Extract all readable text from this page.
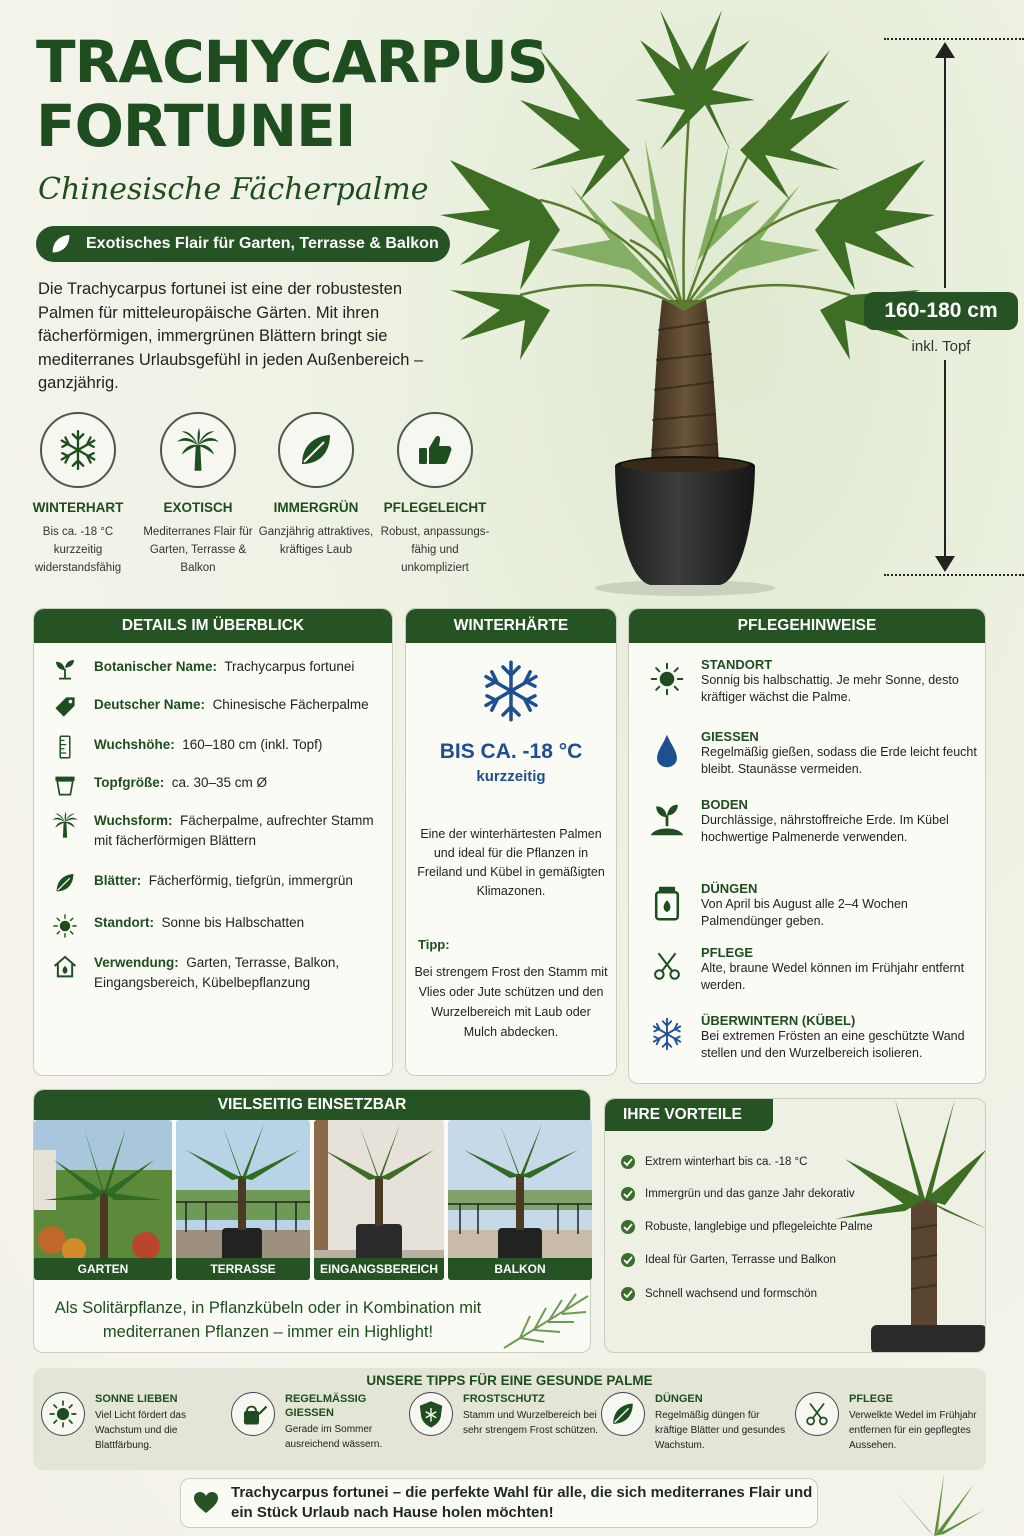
TRACHYCARPUS
FORTUNEI
Chinesische Fächerpalme
Exotisches Flair für Garten, Terrasse & Balkon
Die Trachycarpus fortunei ist eine der robustesten Palmen für mitteleuropäische Gärten. Mit ihren fächerförmigen, immergrünen Blättern bringt sie mediterranes Urlaubsgefühl in jeden Außenbereich – ganzjährig.
WINTERHART
Bis ca. -18 °C kurzzeitig widerstandsfähig
EXOTISCH
Mediterranes Flair für Garten, Terrasse & Balkon
IMMERGRÜN
Ganzjährig attraktives, kräftiges Laub
PFLEGELEICHT
Robust, anpassungs-fähig und unkompliziert
160-180 cm
inkl. Topf
DETAILS IM ÜBERBLICK
Botanischer Name: Trachycarpus fortunei
Deutscher Name: Chinesische Fächerpalme
Wuchshöhe: 160–180 cm (inkl. Topf)
Topfgröße: ca. 30–35 cm Ø
Wuchsform: Fächerpalme, aufrechter Stamm mit fächerförmigen Blättern
Blätter: Fächerförmig, tiefgrün, immergrün
Standort: Sonne bis Halbschatten
Verwendung: Garten, Terrasse, Balkon, Eingangsbereich, Kübelbepflanzung
WINTERHÄRTE
BIS CA. -18 °C
kurzzeitig
Eine der winterhärtesten Palmen und ideal für die Pflanzen in Freiland und Kübel in gemäßigten Klimazonen.
Tipp:
Bei strengem Frost den Stamm mit Vlies oder Jute schützen und den Wurzelbereich mit Laub oder Mulch abdecken.
PFLEGEHINWEISE
STANDORT
Sonnig bis halbschattig. Je mehr Sonne, desto kräftiger wächst die Palme.
GIESSEN
Regelmäßig gießen, sodass die Erde leicht feucht bleibt. Staunässe vermeiden.
BODEN
Durchlässige, nährstoffreiche Erde. Im Kübel hochwertige Palmenerde verwenden.
DÜNGEN
Von April bis August alle 2–4 Wochen Palmendünger geben.
PFLEGE
Alte, braune Wedel können im Frühjahr entfernt werden.
ÜBERWINTERN (KÜBEL)
Bei extremen Frösten an eine geschützte Wand stellen und den Wurzelbereich isolieren.
VIELSEITIG EINSETZBAR
GARTEN	TERRASSE	EINGANGSBEREICH	BALKON
Als Solitärpflanze, in Pflanzkübeln oder in Kombination mit mediterranen Pflanzen – immer ein Highlight!
IHRE VORTEILE
Extrem winterhart bis ca. -18 °C
Immergrün und das ganze Jahr dekorativ
Robuste, langlebige und pflegeleichte Palme
Ideal für Garten, Terrasse und Balkon
Schnell wachsend und formschön
UNSERE TIPPS FÜR EINE GESUNDE PALME
SONNE LIEBEN
Viel Licht fördert das Wachstum und die Blattfärbung.
REGELMÄSSIG GIESSEN
Gerade im Sommer ausreichend wässern.
FROSTSCHUTZ
Stamm und Wurzelbereich bei sehr strengem Frost schützen.
DÜNGEN
Regelmäßig düngen für kräftige Blätter und gesundes Wachstum.
PFLEGE
Verwelkte Wedel im Frühjahr entfernen für ein gepflegtes Aussehen.
Trachycarpus fortunei – die perfekte Wahl für alle, die sich mediterranes Flair und ein Stück Urlaub nach Hause holen möchten!
